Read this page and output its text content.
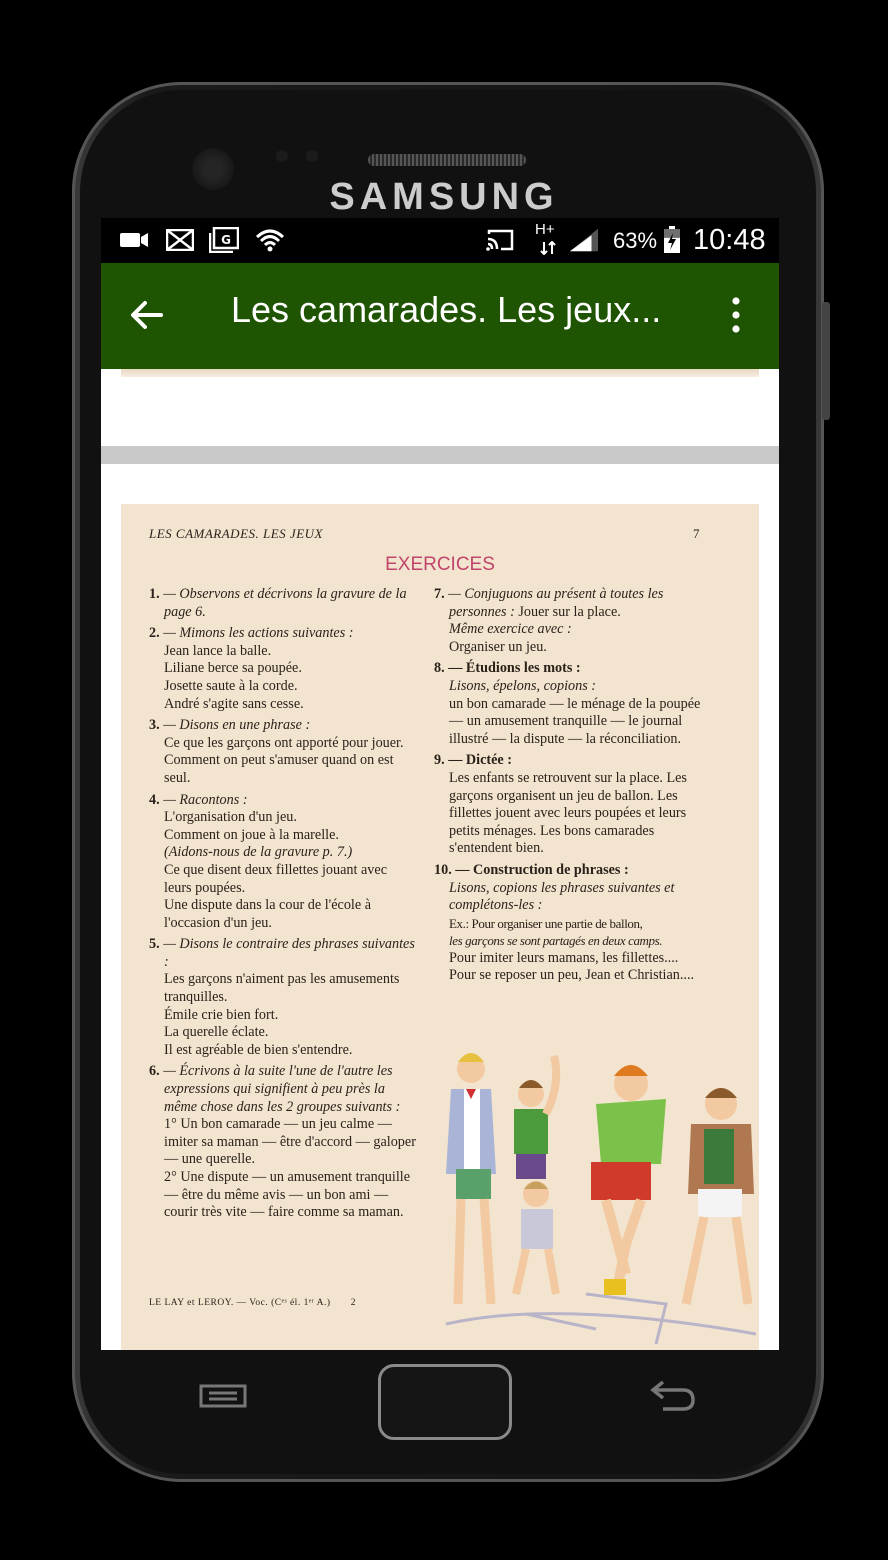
SAMSUNG
G
H+	63% 10:48
Les camarades. Les jeux...
LES CAMARADES. LES JEUX	7
EXERCICES
1. — Observons et décrivons la gravure de la page 6.
2. — Mimons les actions suivantes :
Jean lance la balle.
Liliane berce sa poupée.
Josette saute à la corde.
André s'agite sans cesse.
3. — Disons en une phrase :
Ce que les garçons ont apporté pour jouer.
Comment on peut s'amuser quand on est seul.
4. — Racontons :
L'organisation d'un jeu.
Comment on joue à la marelle.
(Aidons-nous de la gravure p. 7.)
Ce que disent deux fillettes jouant avec leurs poupées.
Une dispute dans la cour de l'école à l'occasion d'un jeu.
5. — Disons le contraire des phrases suivantes :
Les garçons n'aiment pas les amusements tranquilles.
Émile crie bien fort.
La querelle éclate.
Il est agréable de bien s'entendre.
6. — Écrivons à la suite l'une de l'autre les expressions qui signifient à peu près la même chose dans les 2 groupes suivants :
1° Un bon camarade — un jeu calme — imiter sa maman — être d'accord — galoper — une querelle.
2° Une dispute — un amusement tranquille — être du même avis — un bon ami — courir très vite — faire comme sa maman.
7. — Conjuguons au présent à toutes les personnes : Jouer sur la place.
Même exercice avec :
Organiser un jeu.
8. — Étudions les mots :
Lisons, épelons, copions :
un bon camarade — le ménage de la poupée — un amusement tranquille — le journal illustré — la dispute — la réconciliation.
9. — Dictée :
Les enfants se retrouvent sur la place. Les garçons organisent un jeu de ballon. Les fillettes jouent avec leurs poupées et leurs petits ménages. Les bons camarades s'entendent bien.
10. — Construction de phrases :
Lisons, copions les phrases suivantes et complétons-les :
Ex.: Pour organiser une partie de ballon,
les garçons se sont partagés en deux camps.
Pour imiter leurs mamans, les fillettes....
Pour se reposer un peu, Jean et Christian....
LE LAY et LEROY. — Voc. (Cᵉˢ él. 1ᵉʳ A.) 2
